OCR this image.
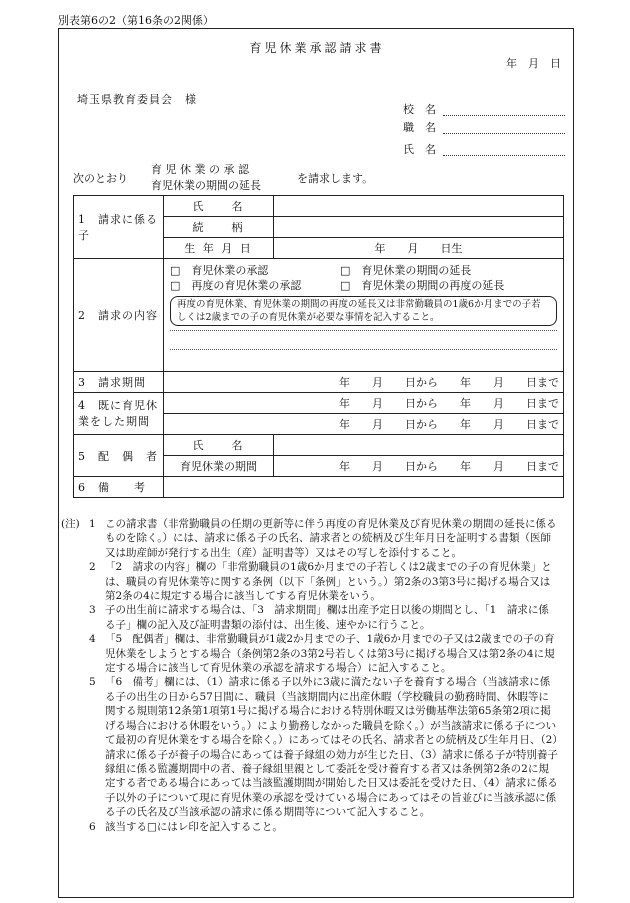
別表第6の2（第16条の2関係）
育児休業承認請求書
年　月　日
埼玉県教育委員会　様
校　名
職　名
氏　名
次のとおり
育 児 休 業 の 承 認
育児休業の期間の延長
を請求します。
1　請求に係る子	氏　　名	
	続　　柄	
	生 年 月 日	年　　月　　日生
2　請求の内容	□　育児休業の承認 □　育児休業の期間の延長
□　再度の育児休業の承認 □　育児休業の期間の再度の延長
再度の育児休業、育児休業の期間の再度の延長又は非常勤職員の1歳6か月までの子若しくは2歳までの子の育児休業が必要な事情を記入すること。	

3　請求期間	年　　月　　日から　　年　　月　　日まで	
4　既に育児休業をした期間	年　　月　　日から　　年　　月　　日まで	
	年　　月　　日から　　年　　月　　日まで	
5　配　偶　者	氏　　名	
	育児休業の期間	年　　月　　日から　　年　　月　　日まで
6　備　　考		
(注) 1 この請求書（非常勤職員の任期の更新等に伴う再度の育児休業及び育児休業の期間の延長に係るものを除く。）には、請求に係る子の氏名、請求者との続柄及び生年月日を証明する書類（医師又は助産師が発行する出生（産）証明書等）又はその写しを添付すること。
2 「2　請求の内容」欄の「非常勤職員の1歳6か月までの子若しくは2歳までの子の育児休業」とは、職員の育児休業等に関する条例（以下「条例」という。）第2条の3第3号に掲げる場合又は第2条の4に規定する場合に該当してする育児休業をいう。
3 子の出生前に請求する場合は、「3　請求期間」欄は出産予定日以後の期間とし、「1　請求に係る子」欄の記入及び証明書類の添付は、出生後、速やかに行うこと。
4 「5　配偶者」欄は、非常勤職員が1歳2か月までの子、1歳6か月までの子又は2歳までの子の育児休業をしようとする場合（条例第2条の3第2号若しくは第3号に掲げる場合又は第2条の4に規定する場合に該当して育児休業の承認を請求する場合）に記入すること。
5 「6　備考」欄には、（1）請求に係る子以外に3歳に満たない子を養育する場合（当該請求に係る子の出生の日から57日間に、職員（当該期間内に出産休暇（学校職員の勤務時間、休暇等に関する規則第12条第1項第1号に掲げる場合における特別休暇又は労働基準法第65条第2項に掲げる場合における休暇をいう。）により勤務しなかった職員を除く。）が当該請求に係る子について最初の育児休業をする場合を除く。）にあってはその氏名、請求者との続柄及び生年月日、（2）請求に係る子が養子の場合にあっては養子縁組の効力が生じた日、（3）請求に係る子が特別養子縁組に係る監護期間中の者、養子縁組里親として委託を受け養育する者又は条例第2条の2に規定する者である場合にあっては当該監護期間が開始した日又は委託を受けた日、（4）請求に係る子以外の子について現に育児休業の承認を受けている場合にあってはその旨並びに当該承認に係る子の氏名及び当該承認の請求に係る期間等について記入すること。
6 該当する□にはレ印を記入すること。
